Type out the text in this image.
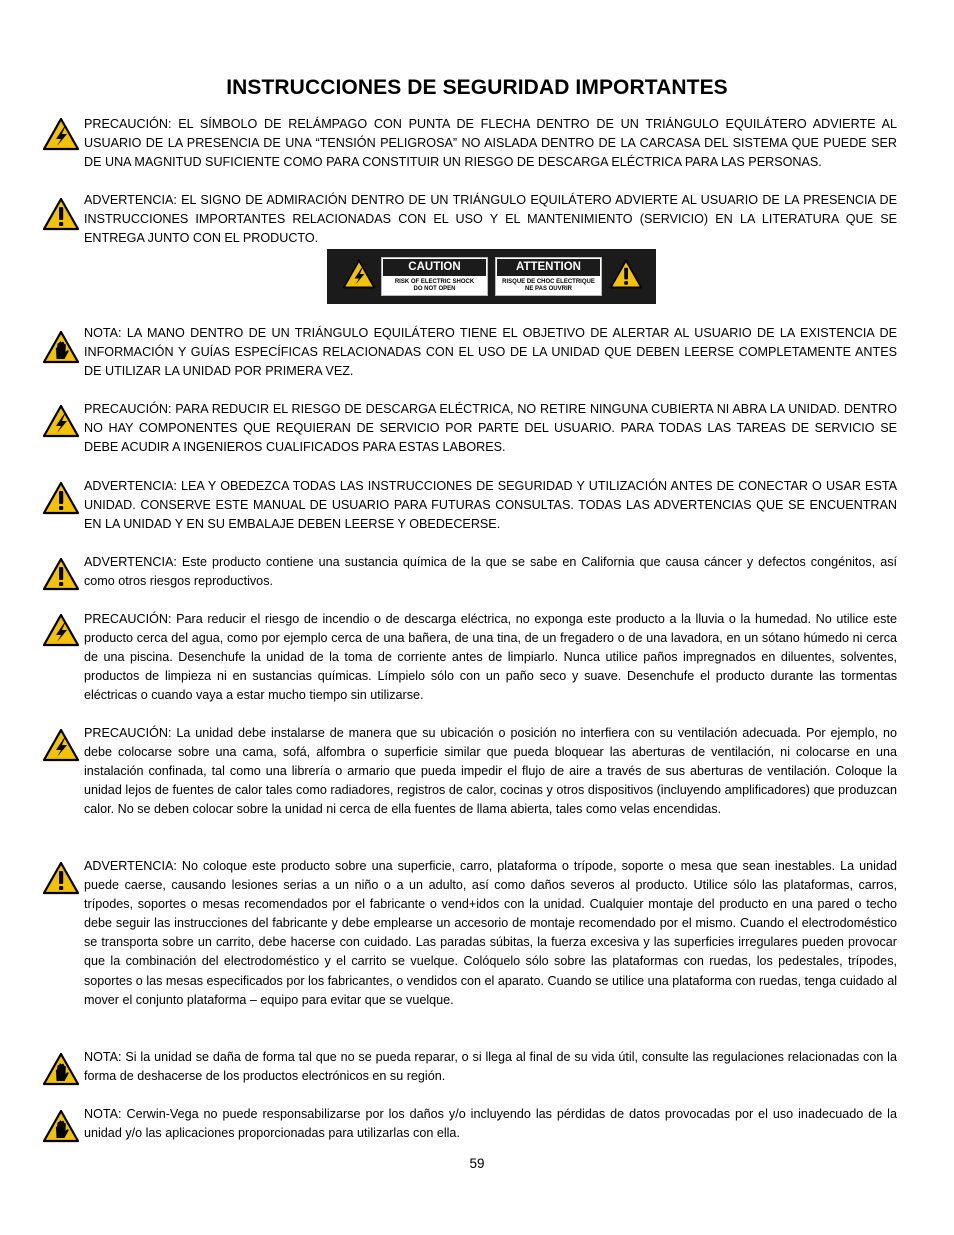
INSTRUCCIONES DE SEGURIDAD IMPORTANTES

PRECAUCIÓN: EL SÍMBOLO DE RELÁMPAGO CON PUNTA DE FLECHA DENTRO DE UN TRIÁNGULO EQUILÁTERO ADVIERTE AL USUARIO DE LA PRESENCIA DE UNA “TENSIÓN PELIGROSA” NO AISLADA DENTRO DE LA CARCASA DEL SISTEMA QUE PUEDE SER DE UNA MAGNITUD SUFICIENTE COMO PARA CONSTITUIR UN RIESGO DE DESCARGA ELÉCTRICA PARA LAS PERSONAS.

ADVERTENCIA: EL SIGNO DE ADMIRACIÓN DENTRO DE UN TRIÁNGULO EQUILÁTERO ADVIERTE AL USUARIO DE LA PRESENCIA DE INSTRUCCIONES IMPORTANTES RELACIONADAS CON EL USO Y EL MANTENIMIENTO (SERVICIO) EN LA LITERATURA QUE SE ENTREGA JUNTO CON EL PRODUCTO.

CAUTION
RISK OF ELECTRIC SHOCK
DO NOT OPEN
ATTENTION
RISQUE DE CHOC ELECTRIQUE
NE PAS OUVRIR

NOTA: LA MANO DENTRO DE UN TRIÁNGULO EQUILÁTERO TIENE EL OBJETIVO DE ALERTAR AL USUARIO DE LA EXISTENCIA DE INFORMACIÓN Y GUÍAS ESPECÍFICAS RELACIONADAS CON EL USO DE LA UNIDAD QUE DEBEN LEERSE COMPLETAMENTE ANTES DE UTILIZAR LA UNIDAD POR PRIMERA VEZ.

PRECAUCIÓN: PARA REDUCIR EL RIESGO DE DESCARGA ELÉCTRICA, NO RETIRE NINGUNA CUBIERTA NI ABRA LA UNIDAD. DENTRO NO HAY COMPONENTES QUE REQUIERAN DE SERVICIO POR PARTE DEL USUARIO. PARA TODAS LAS TAREAS DE SERVICIO SE DEBE ACUDIR A INGENIEROS CUALIFICADOS PARA ESTAS LABORES.

ADVERTENCIA: LEA Y OBEDEZCA TODAS LAS INSTRUCCIONES DE SEGURIDAD Y UTILIZACIÓN ANTES DE CONECTAR O USAR ESTA UNIDAD. CONSERVE ESTE MANUAL DE USUARIO PARA FUTURAS CONSULTAS. TODAS LAS ADVERTENCIAS QUE SE ENCUENTRAN EN LA UNIDAD Y EN SU EMBALAJE DEBEN LEERSE Y OBEDECERSE.

ADVERTENCIA: Este producto contiene una sustancia química de la que se sabe en California que causa cáncer y defectos congénitos, así como otros riesgos reproductivos.

PRECAUCIÓN: Para reducir el riesgo de incendio o de descarga eléctrica, no exponga este producto a la lluvia o la humedad. No utilice este producto cerca del agua, como por ejemplo cerca de una bañera, de una tina, de un fregadero o de una lavadora, en un sótano húmedo ni cerca de una piscina. Desenchufe la unidad de la toma de corriente antes de limpiarlo. Nunca utilice paños impregnados en diluentes, solventes, productos de limpieza ni en sustancias químicas. Límpielo sólo con un paño seco y suave. Desenchufe el producto durante las tormentas eléctricas o cuando vaya a estar mucho tiempo sin utilizarse.

PRECAUCIÓN: La unidad debe instalarse de manera que su ubicación o posición no interfiera con su ventilación adecuada. Por ejemplo, no debe colocarse sobre una cama, sofá, alfombra o superficie similar que pueda bloquear las aberturas de ventilación, ni colocarse en una instalación confinada, tal como una librería o armario que pueda impedir el flujo de aire a través de sus aberturas de ventilación. Coloque la unidad lejos de fuentes de calor tales como radiadores, registros de calor, cocinas y otros dispositivos (incluyendo amplificadores) que produzcan calor. No se deben colocar sobre la unidad ni cerca de ella fuentes de llama abierta, tales como velas encendidas.

ADVERTENCIA: No coloque este producto sobre una superficie, carro, plataforma o trípode, soporte o mesa que sean inestables. La unidad puede caerse, causando lesiones serias a un niño o a un adulto, así como daños severos al producto. Utilice sólo las plataformas, carros, trípodes, soportes o mesas recomendados por el fabricante o vend+idos con la unidad. Cualquier montaje del producto en una pared o techo debe seguir las instrucciones del fabricante y debe emplearse un accesorio de montaje recomendado por el mismo. Cuando el electrodoméstico se transporta sobre un carrito, debe hacerse con cuidado. Las paradas súbitas, la fuerza excesiva y las superficies irregulares pueden provocar que la combinación del electrodoméstico y el carrito se vuelque. Colóquelo sólo sobre las plataformas con ruedas, los pedestales, trípodes, soportes o las mesas especificados por los fabricantes, o vendidos con el aparato. Cuando se utilice una plataforma con ruedas, tenga cuidado al mover el conjunto plataforma – equipo para evitar que se vuelque.

NOTA: Si la unidad se daña de forma tal que no se pueda reparar, o si llega al final de su vida útil, consulte las regulaciones relacionadas con la forma de deshacerse de los productos electrónicos en su región.

NOTA: Cerwin-Vega no puede responsabilizarse por los daños y/o incluyendo las pérdidas de datos provocadas por el uso inadecuado de la unidad y/o las aplicaciones proporcionadas para utilizarlas con ella.

59
